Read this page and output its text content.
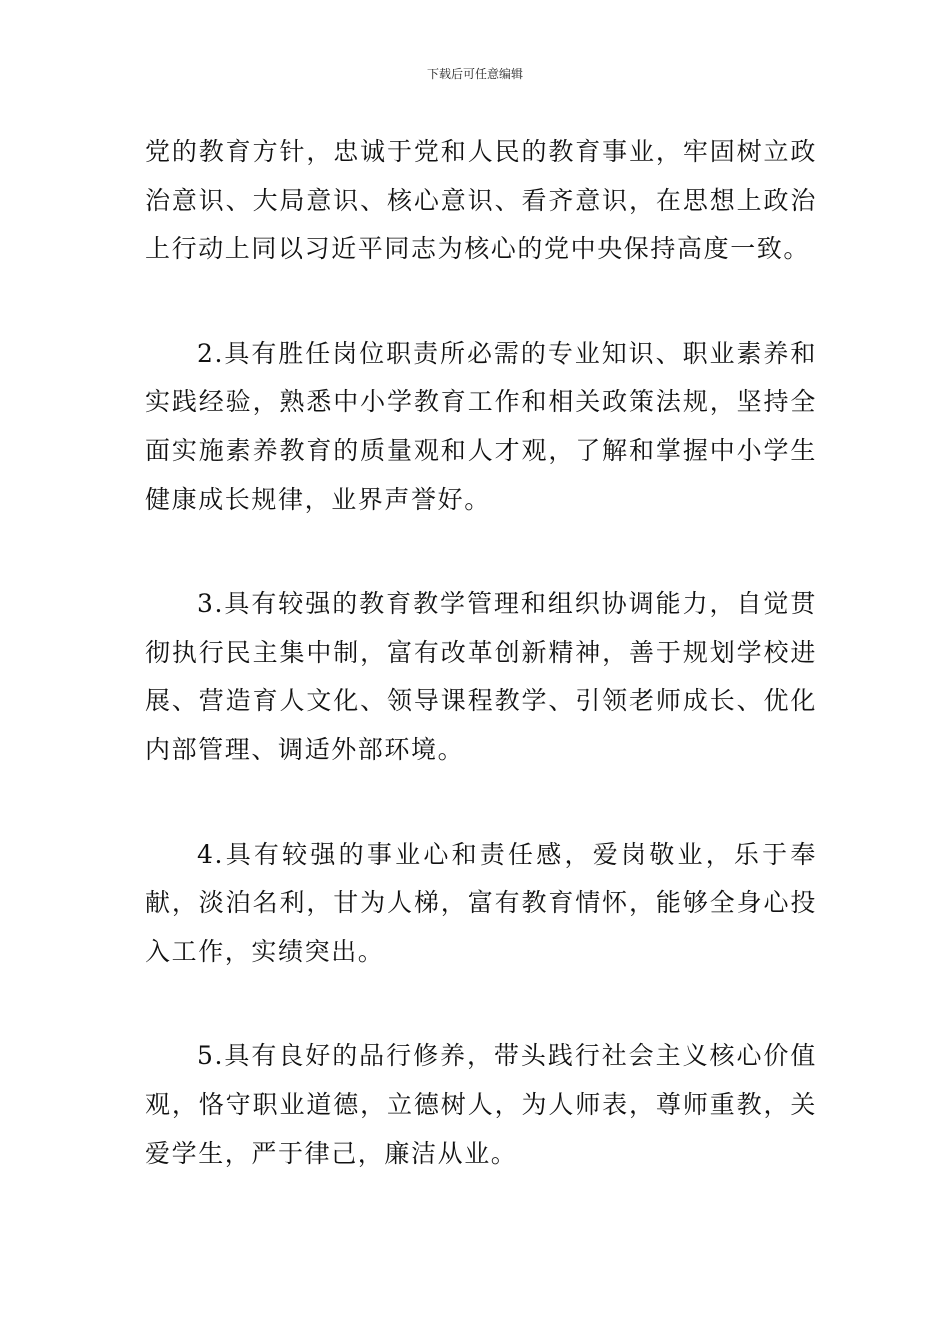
下载后可任意编辑

党的教育方针，忠诚于党和人民的教育事业，牢固树立政治意识、大局意识、核心意识、看齐意识，在思想上政治上行动上同以习近平同志为核心的党中央保持高度一致。

2.具有胜任岗位职责所必需的专业知识、职业素养和实践经验，熟悉中小学教育工作和相关政策法规，坚持全面实施素养教育的质量观和人才观，了解和掌握中小学生健康成长规律，业界声誉好。

3.具有较强的教育教学管理和组织协调能力，自觉贯彻执行民主集中制，富有改革创新精神，善于规划学校进展、营造育人文化、领导课程教学、引领老师成长、优化内部管理、调适外部环境。

4.具有较强的事业心和责任感，爱岗敬业，乐于奉献，淡泊名利，甘为人梯，富有教育情怀，能够全身心投入工作，实绩突出。

5.具有良好的品行修养，带头践行社会主义核心价值观，恪守职业道德，立德树人，为人师表，尊师重教，关爱学生，严于律己，廉洁从业。
